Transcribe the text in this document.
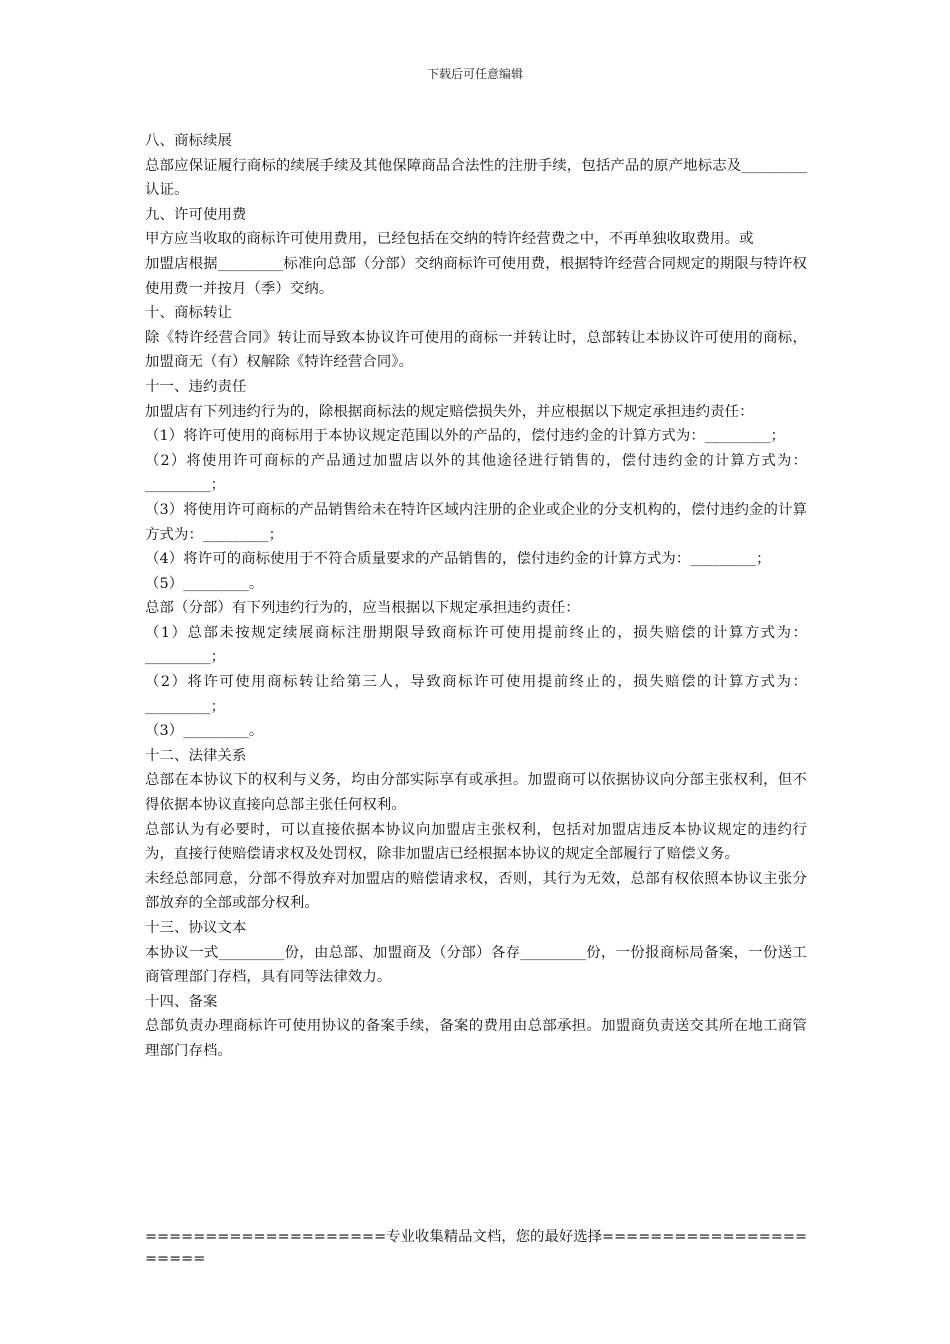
下载后可任意编辑

八、商标续展

总部应保证履行商标的续展手续及其他保障商品合法性的注册手续，包括产品的原产地标志及_________认证。

九、许可使用费

甲方应当收取的商标许可使用费用，已经包括在交纳的特许经营费之中，不再单独收取费用。或

加盟店根据_________标准向总部（分部）交纳商标许可使用费，根据特许经营合同规定的期限与特许权使用费一并按月（季）交纳。

十、商标转让

除《特许经营合同》转让而导致本协议许可使用的商标一并转让时，总部转让本协议许可使用的商标，加盟商无（有）权解除《特许经营合同》。

十一、违约责任

加盟店有下列违约行为的，除根据商标法的规定赔偿损失外，并应根据以下规定承担违约责任：

（1）将许可使用的商标用于本协议规定范围以外的产品的，偿付违约金的计算方式为：_________；

（2）将使用许可商标的产品通过加盟店以外的其他途径进行销售的，偿付违约金的计算方式为：_________；

（3）将使用许可商标的产品销售给未在特许区域内注册的企业或企业的分支机构的，偿付违约金的计算方式为：_________；

（4）将许可的商标使用于不符合质量要求的产品销售的，偿付违约金的计算方式为：_________；

（5）_________。

总部（分部）有下列违约行为的，应当根据以下规定承担违约责任：

（1）总部未按规定续展商标注册期限导致商标许可使用提前终止的，损失赔偿的计算方式为：_________；

（2）将许可使用商标转让给第三人，导致商标许可使用提前终止的，损失赔偿的计算方式为：_________；

（3）_________。

十二、法律关系

总部在本协议下的权利与义务，均由分部实际享有或承担。加盟商可以依据协议向分部主张权利，但不得依据本协议直接向总部主张任何权利。

总部认为有必要时，可以直接依据本协议向加盟店主张权利，包括对加盟店违反本协议规定的违约行为，直接行使赔偿请求权及处罚权，除非加盟店已经根据本协议的规定全部履行了赔偿义务。

未经总部同意，分部不得放弃对加盟店的赔偿请求权，否则，其行为无效，总部有权依照本协议主张分部放弃的全部或部分权利。

十三、协议文本

本协议一式_________份，由总部、加盟商及（分部）各存_________份，一份报商标局备案，一份送工商管理部门存档，具有同等法律效力。

十四、备案

总部负责办理商标许可使用协议的备案手续，备案的费用由总部承担。加盟商负责送交其所在地工商管理部门存档。

====================专业收集精品文档，您的最好选择======================
